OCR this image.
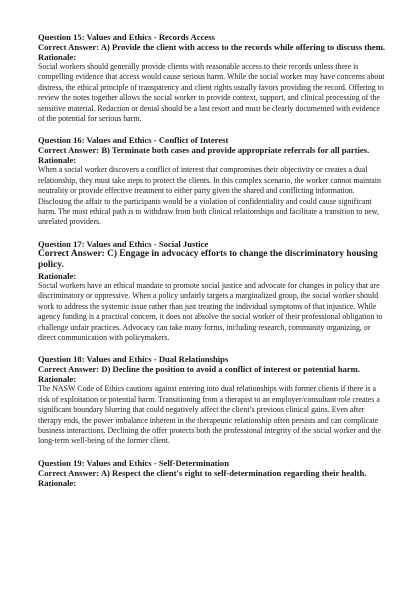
Question 15: Values and Ethics - Records Access

Correct Answer: A) Provide the client with access to the records while offering to discuss them.

Rationale:

Social workers should generally provide clients with reasonable access to their records unless there is compelling evidence that access would cause serious harm. While the social worker may have concerns about distress, the ethical principle of transparency and client rights usually favors providing the record. Offering to review the notes together allows the social worker to provide context, support, and clinical processing of the sensitive material. Redaction or denial should be a last resort and must be clearly documented with evidence of the potential for serious harm.

Question 16: Values and Ethics - Conflict of Interest

Correct Answer: B) Terminate both cases and provide appropriate referrals for all parties.

Rationale:

When a social worker discovers a conflict of interest that compromises their objectivity or creates a dual relationship, they must take steps to protect the clients. In this complex scenario, the worker cannot maintain neutrality or provide effective treatment to either party given the shared and conflicting information. Disclosing the affair to the participants would be a violation of confidentiality and could cause significant harm. The most ethical path is to withdraw from both clinical relationships and facilitate a transition to new, unrelated providers.

Question 17: Values and Ethics - Social Justice

Correct Answer: C) Engage in advocacy efforts to change the discriminatory housing policy.

Rationale:

Social workers have an ethical mandate to promote social justice and advocate for changes in policy that are discriminatory or oppressive. When a policy unfairly targets a marginalized group, the social worker should work to address the systemic issue rather than just treating the individual symptoms of that injustice. While agency funding is a practical concern, it does not absolve the social worker of their professional obligation to challenge unfair practices. Advocacy can take many forms, including research, community organizing, or direct communication with policymakers.

Question 18: Values and Ethics - Dual Relationships

Correct Answer: D) Decline the position to avoid a conflict of interest or potential harm.

Rationale:

The NASW Code of Ethics cautions against entering into dual relationships with former clients if there is a risk of exploitation or potential harm. Transitioning from a therapist to an employer/consultant role creates a significant boundary blurring that could negatively affect the client’s previous clinical gains. Even after therapy ends, the power imbalance inherent in the therapeutic relationship often persists and can complicate business interactions. Declining the offer protects both the professional integrity of the social worker and the long-term well-being of the former client.

Question 19: Values and Ethics - Self-Determination

Correct Answer: A) Respect the client's right to self-determination regarding their health.

Rationale:
